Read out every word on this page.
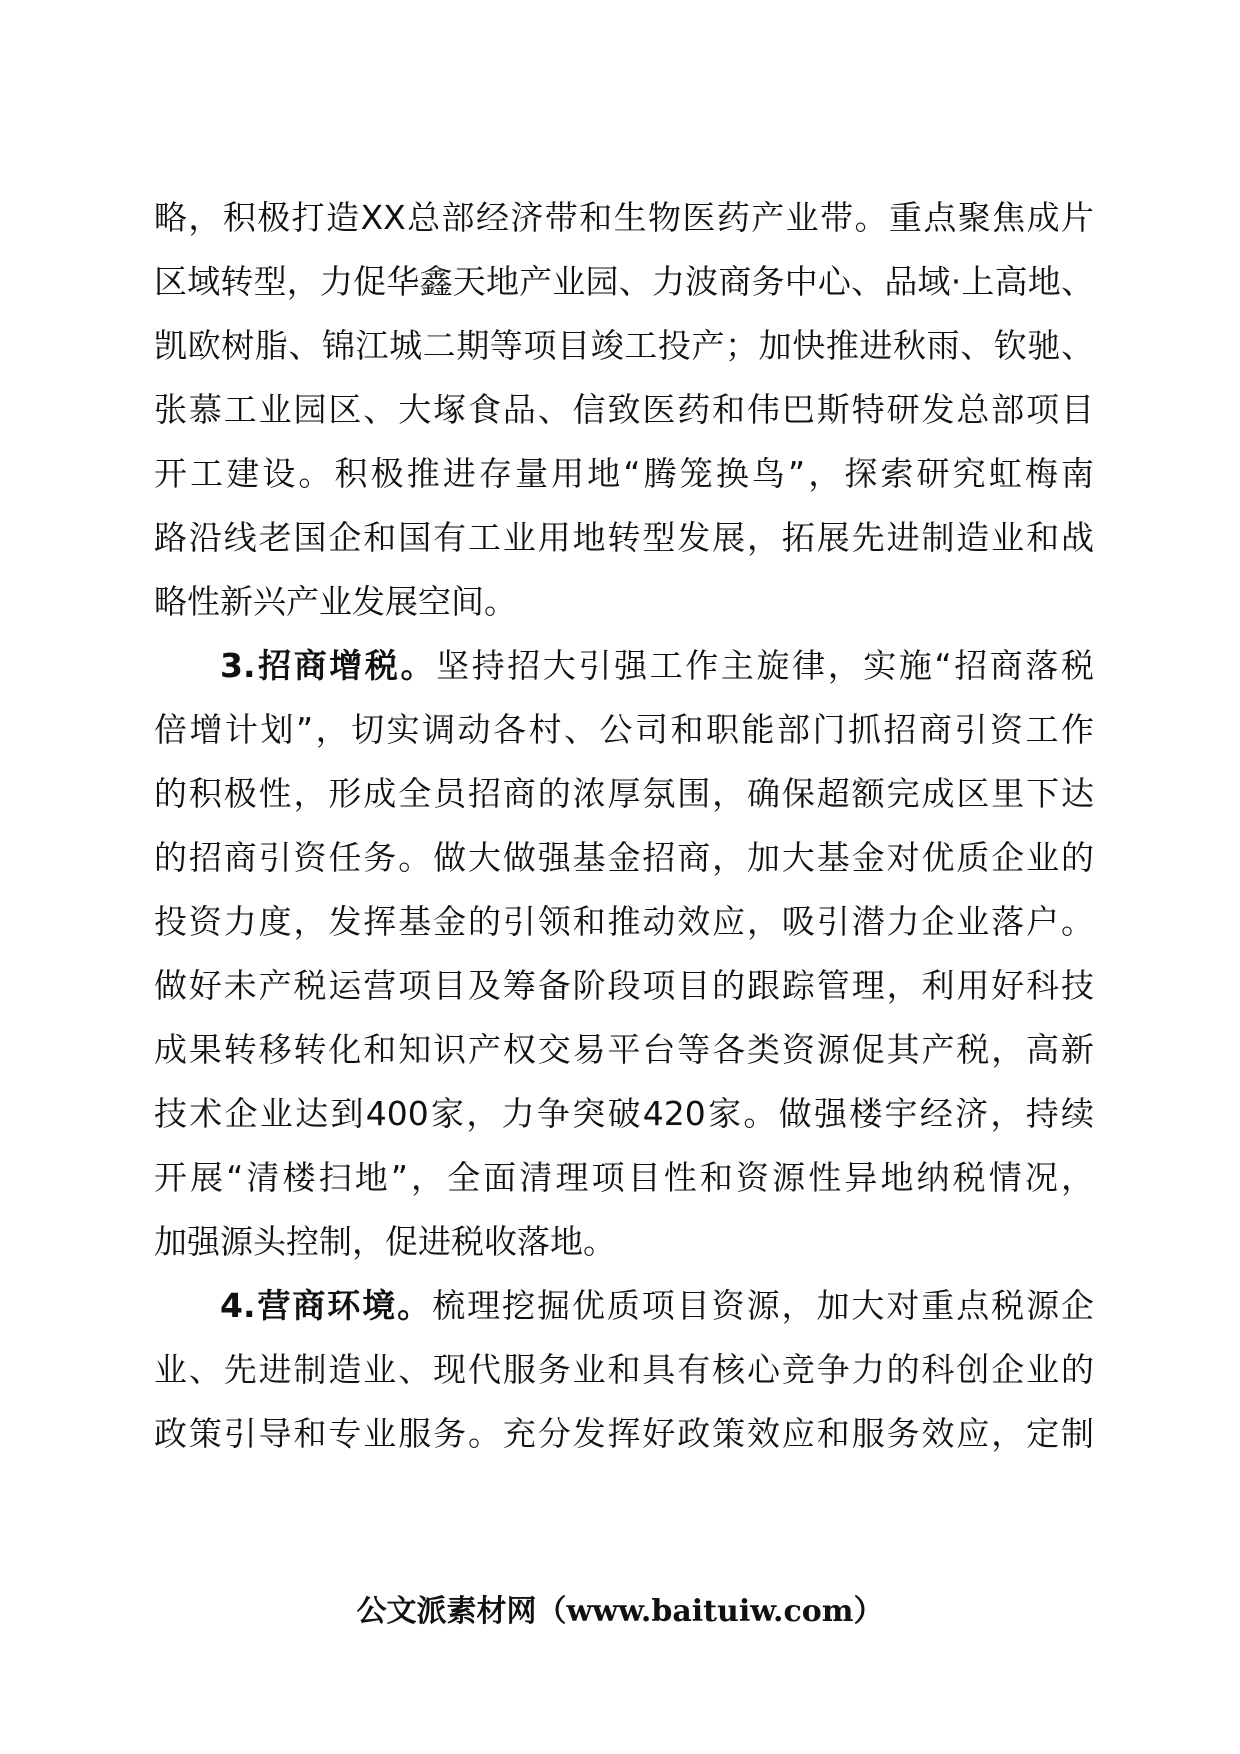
略，积极打造XX总部经济带和生物医药产业带。重点聚焦成片
区域转型，力促华鑫天地产业园、力波商务中心、品域·上高地、
凯欧树脂、锦江城二期等项目竣工投产；加快推进秋雨、钦驰、
张慕工业园区、大塚食品、信致医药和伟巴斯特研发总部项目
开工建设。积极推进存量用地“腾笼换鸟”，探索研究虹梅南
路沿线老国企和国有工业用地转型发展，拓展先进制造业和战
略性新兴产业发展空间。
3.招商增税。坚持招大引强工作主旋律，实施“招商落税
倍增计划”，切实调动各村、公司和职能部门抓招商引资工作
的积极性，形成全员招商的浓厚氛围，确保超额完成区里下达
的招商引资任务。做大做强基金招商，加大基金对优质企业的
投资力度，发挥基金的引领和推动效应，吸引潜力企业落户。
做好未产税运营项目及筹备阶段项目的跟踪管理，利用好科技
成果转移转化和知识产权交易平台等各类资源促其产税，高新
技术企业达到400家，力争突破420家。做强楼宇经济，持续
开展“清楼扫地”，全面清理项目性和资源性异地纳税情况，
加强源头控制，促进税收落地。
4.营商环境。梳理挖掘优质项目资源，加大对重点税源企
业、先进制造业、现代服务业和具有核心竞争力的科创企业的
政策引导和专业服务。充分发挥好政策效应和服务效应，定制
公文派素材网（www.baituiw.com）
